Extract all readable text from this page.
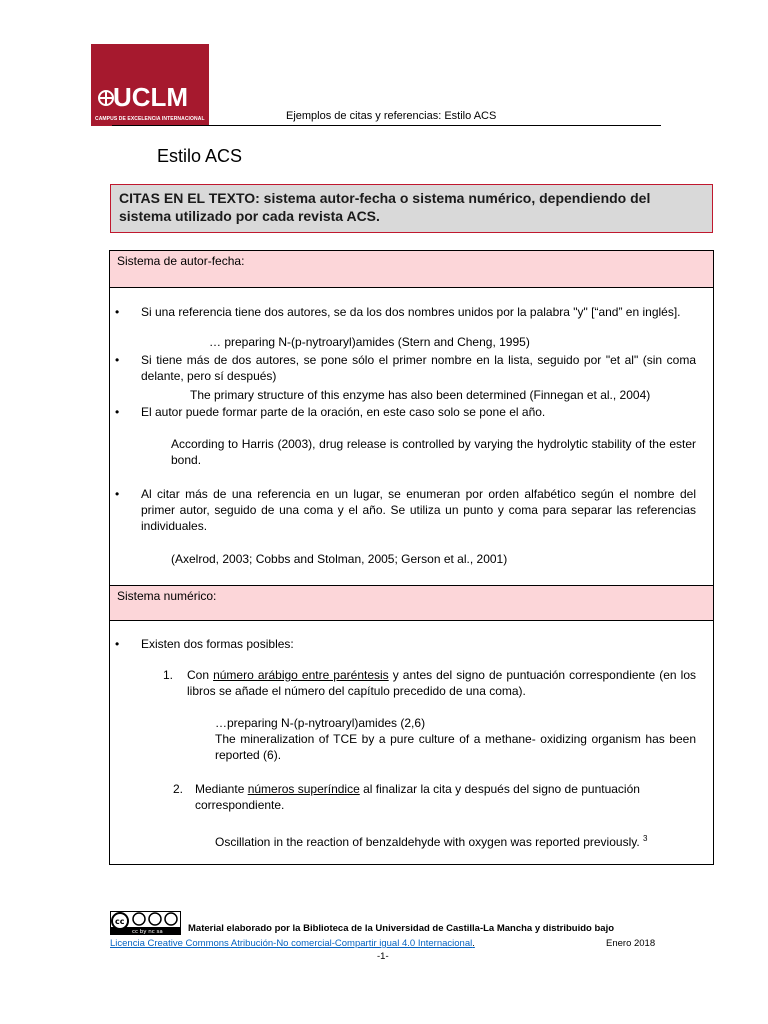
UCLM
CAMPUS DE EXCELENCIA INTERNACIONAL	Ejemplos de citas y referencias: Estilo ACS
Estilo ACS
CITAS EN EL TEXTO: sistema autor-fecha o sistema numérico, dependiendo del sistema utilizado por cada revista ACS.
Sistema de autor-fecha:
• Si una referencia tiene dos autores, se da los dos nombres unidos por la palabra "y" [“and” en inglés].
… preparing N-(p-nytroaryl)amides (Stern and Cheng, 1995)
• Si tiene más de dos autores, se pone sólo el primer nombre en la lista, seguido por "et al" (sin coma delante, pero sí después)
The primary structure of this enzyme has also been determined (Finnegan et al., 2004)
• El autor puede formar parte de la oración, en este caso solo se pone el año.
According to Harris (2003), drug release is controlled by varying the hydrolytic stability of the ester bond.
• Al citar más de una referencia en un lugar, se enumeran por orden alfabético según el nombre del primer autor, seguido de una coma y el año. Se utiliza un punto y coma para separar las referencias individuales.
(Axelrod, 2003; Cobbs and Stolman, 2005; Gerson et al., 2001)
Sistema numérico:
• Existen dos formas posibles:
1. Con número arábigo entre paréntesis y antes del signo de puntuación correspondiente (en los libros se añade el número del capítulo precedido de una coma).
…preparing N-(p-nytroaryl)amides (2,6)
The mineralization of TCE by a pure culture of a methane- oxidizing organism has been reported (6).
2. Mediante números superíndice al finalizar la cita y después del signo de puntuación correspondiente.
Oscillation in the reaction of benzaldehyde with oxygen was reported previously. $^3$
cc
cc by nc sa	Material elaborado por la Biblioteca de la Universidad de Castilla-La Mancha y distribuido bajo
Licencia Creative Commons Atribución-No comercial-Compartir igual 4.0 Internacional.	Enero 2018
-1-
